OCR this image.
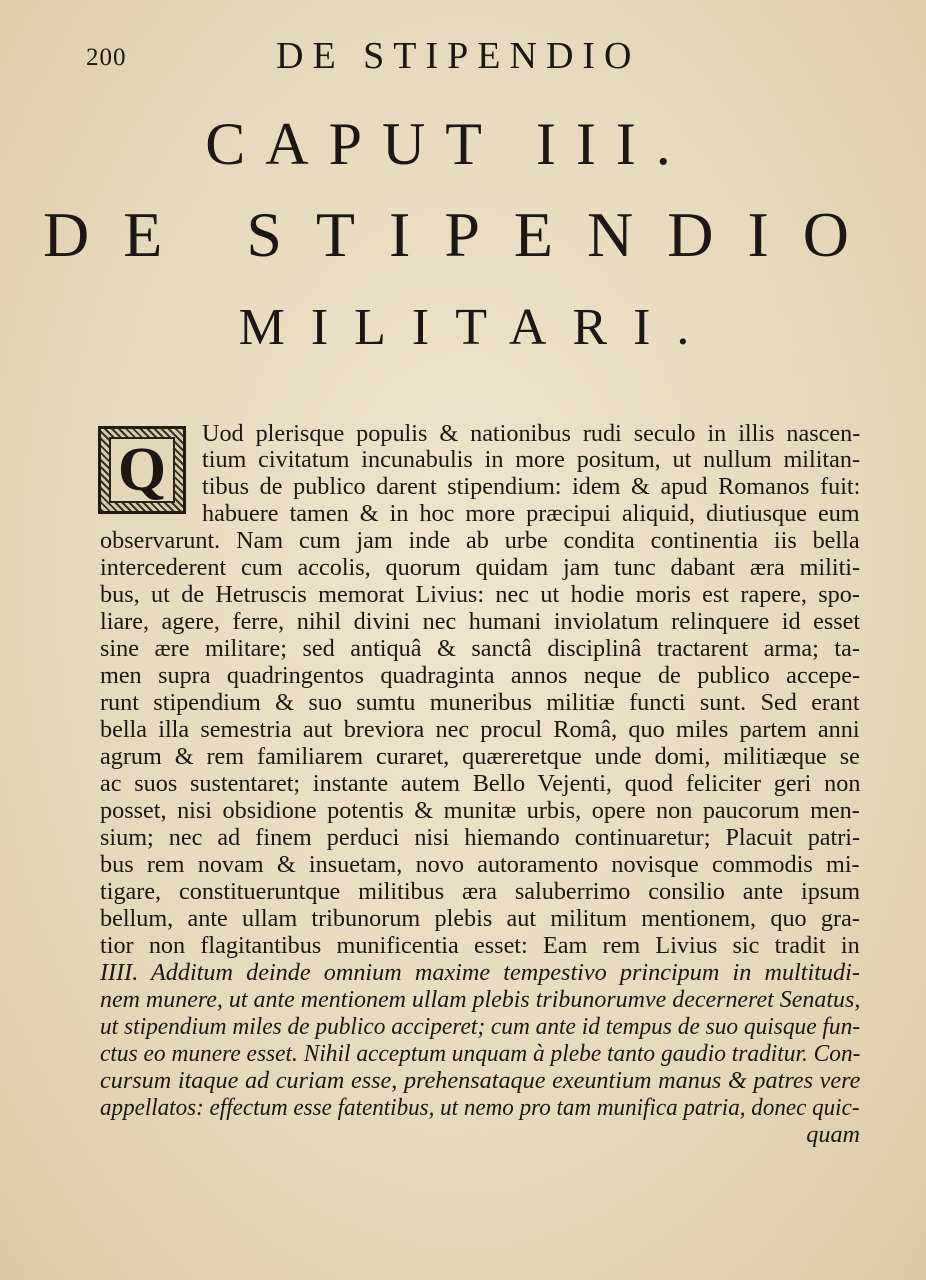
200	DE STIPENDIO
CAPUT III.
DE STIPENDIO
MILITARI.
Q
Uod plerisque populis & nationibus rudi seculo in illis nascen-
tium civitatum incunabulis in more positum, ut nullum militan-
tibus de publico darent stipendium: idem & apud Romanos fuit:
habuere tamen & in hoc more præcipui aliquid, diutiusque eum
observarunt. Nam cum jam inde ab urbe condita continentia iis bella
intercederent cum accolis, quorum quidam jam tunc dabant æra militi-
bus, ut de Hetruscis memorat Livius: nec ut hodie moris est rapere, spo-
liare, agere, ferre, nihil divini nec humani inviolatum relinquere id esset
sine ære militare; sed antiquâ & sanctâ disciplinâ tractarent arma; ta-
men supra quadringentos quadraginta annos neque de publico accepe-
runt stipendium & suo sumtu muneribus militiæ functi sunt. Sed erant
bella illa semestria aut breviora nec procul Româ, quo miles partem anni
agrum & rem familiarem curaret, quæreretque unde domi, militiæque se
ac suos sustentaret; instante autem Bello Vejenti, quod feliciter geri non
posset, nisi obsidione potentis & munitæ urbis, opere non paucorum men-
sium; nec ad finem perduci nisi hiemando continuaretur; Placuit patri-
bus rem novam & insuetam, novo autoramento novisque commodis mi-
tigare, constitueruntque militibus æra saluberrimo consilio ante ipsum
bellum, ante ullam tribunorum plebis aut militum mentionem, quo gra-
tior non flagitantibus munificentia esset: Eam rem Livius sic tradit in
IIII. Additum deinde omnium maxime tempestivo principum in multitudi-
nem munere, ut ante mentionem ullam plebis tribunorumve decerneret Senatus,
ut stipendium miles de publico acciperet; cum ante id tempus de suo quisque fun-
ctus eo munere esset. Nihil acceptum unquam à plebe tanto gaudio traditur. Con-
cursum itaque ad curiam esse, prehensataque exeuntium manus & patres vere
appellatos: effectum esse fatentibus, ut nemo pro tam munifica patria, donec quic-
quam
